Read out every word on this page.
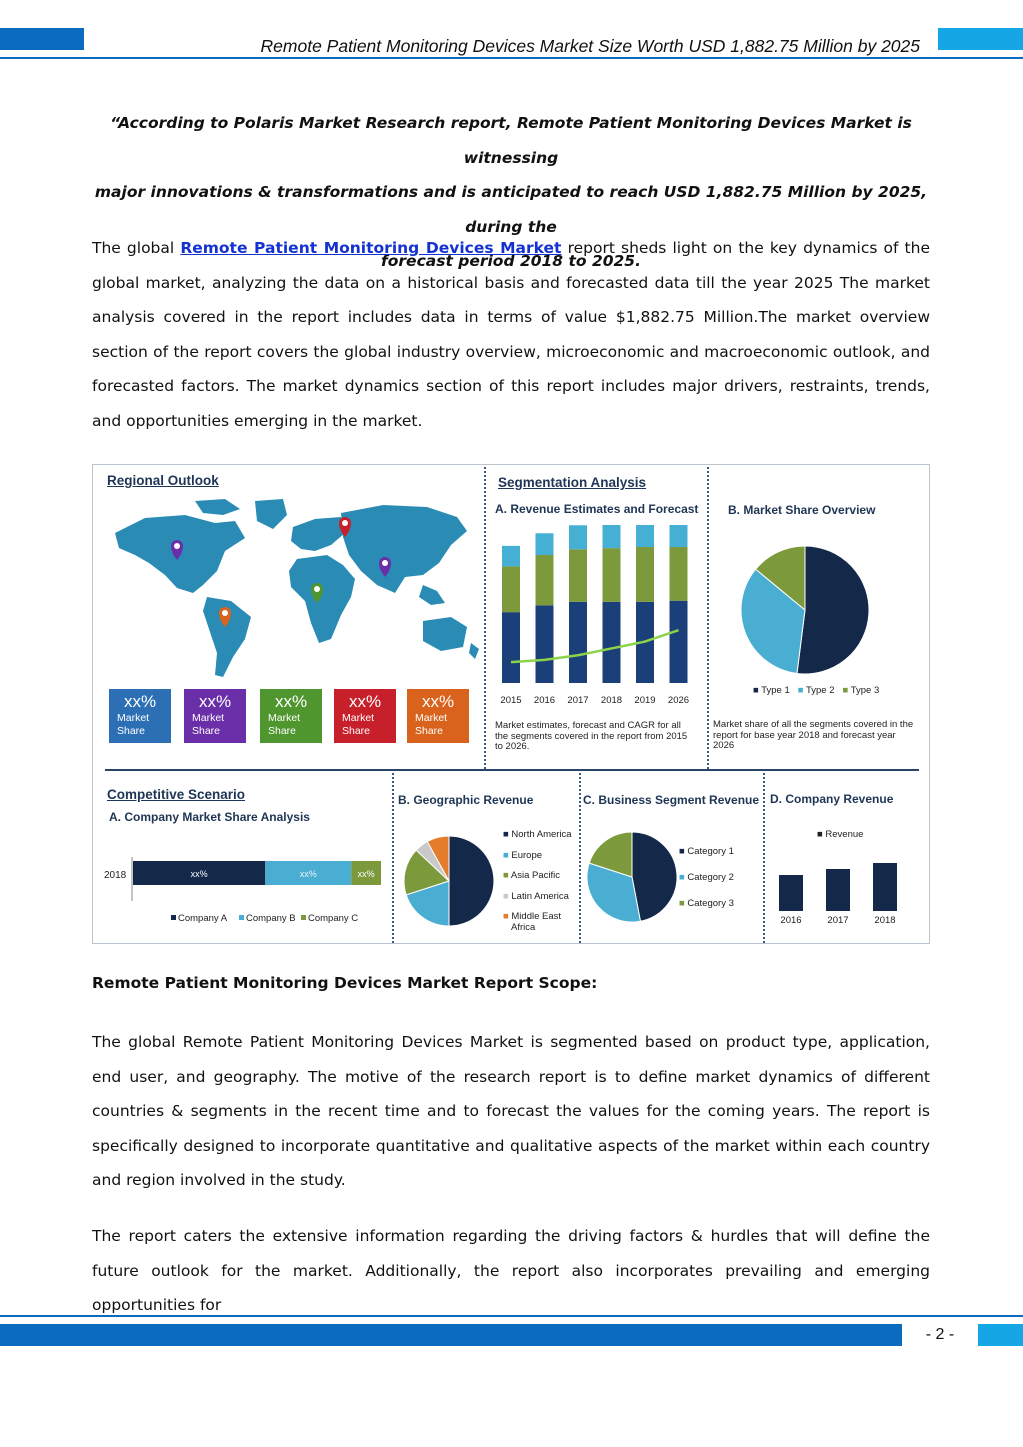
Remote Patient Monitoring Devices Market Size Worth USD 1,882.75 Million by 2025
“According to Polaris Market Research report, Remote Patient Monitoring Devices Market is witnessing
major innovations & transformations and is anticipated to reach USD 1,882.75 Million by 2025, during the
forecast period 2018 to 2025.
The global Remote Patient Monitoring Devices Market report sheds light on the key dynamics of the global market, analyzing the data on a historical basis and forecasted data till the year 2025 The market analysis covered in the report includes data in terms of value $1,882.75 Million.The market overview section of the report covers the global industry overview, microeconomic and macroeconomic outlook, and forecasted factors. The market dynamics section of this report includes major drivers, restraints, trends, and opportunities emerging in the market.
Regional Outlook
xx%
Market
Share
xx%
Market
Share
xx%
Market
Share
xx%
Market
Share
xx%
Market
Share
Segmentation Analysis
A. Revenue Estimates and Forecast
2015 2016 2017 2018 2019 2026
Market estimates, forecast and CAGR for all
the segments covered in the report from 2015
to 2026.
B. Market Share Overview
■ Type 1 ■ Type 2 ■ Type 3
Market share of all the segments covered in the
report for base year 2018 and forecast year
2026
Competitive Scenario
A. Company Market Share Analysis
2018	xx%	xx%	xx%
Company A Company B Company C
B. Geographic Revenue
■ North America
■ Europe
■ Asia Pacific
■ Latin America
■ Middle East
Africa
C. Business Segment Revenue
■ Category 1
■ Category 2
■ Category 3
D. Company Revenue
■ Revenue
2016	2017	2018
Remote Patient Monitoring Devices Market Report Scope:
The global Remote Patient Monitoring Devices Market is segmented based on product type, application, end user, and geography. The motive of the research report is to define market dynamics of different countries & segments in the recent time and to forecast the values for the coming years. The report is specifically designed to incorporate quantitative and qualitative aspects of the market within each country and region involved in the study.
The report caters the extensive information regarding the driving factors & hurdles that will define the future outlook for the market. Additionally, the report also incorporates prevailing and emerging opportunities for
- 2 -
